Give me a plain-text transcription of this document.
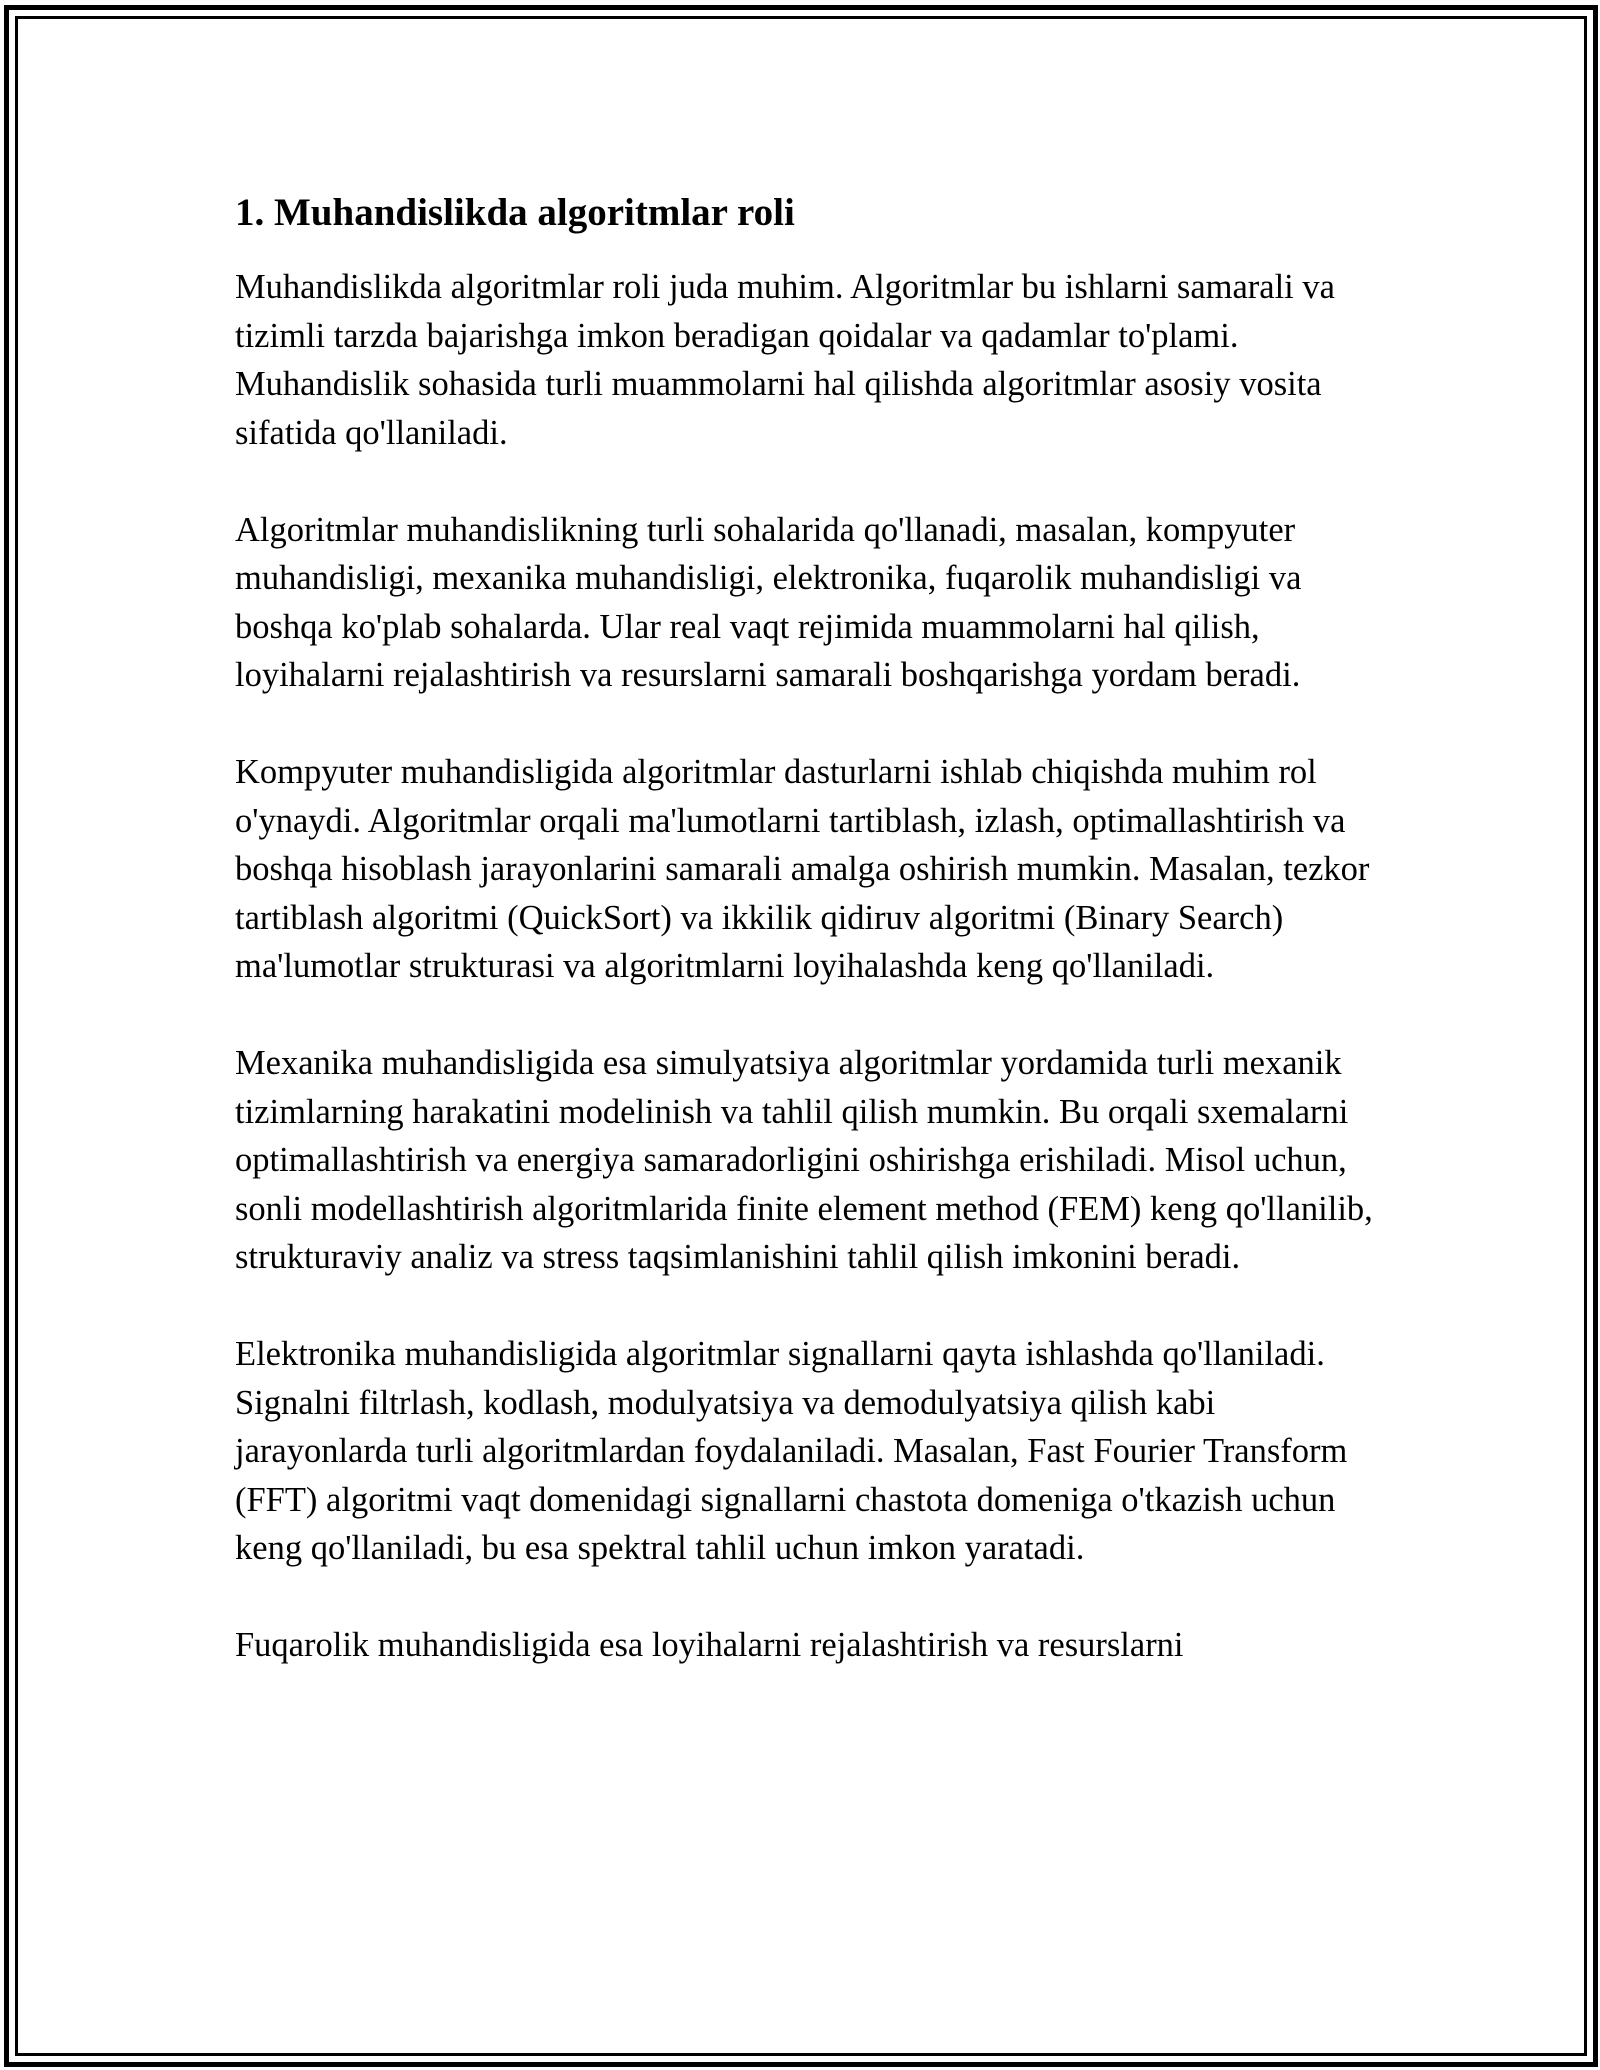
1. Muhandislikda algoritmlar roli

Muhandislikda algoritmlar roli juda muhim. Algoritmlar bu ishlarni samarali va tizimli tarzda bajarishga imkon beradigan qoidalar va qadamlar to'plami. Muhandislik sohasida turli muammolarni hal qilishda algoritmlar asosiy vosita sifatida qo'llaniladi.

Algoritmlar muhandislikning turli sohalarida qo'llanadi, masalan, kompyuter muhandisligi, mexanika muhandisligi, elektronika, fuqarolik muhandisligi va boshqa ko'plab sohalarda. Ular real vaqt rejimida muammolarni hal qilish, loyihalarni rejalashtirish va resurslarni samarali boshqarishga yordam beradi.

Kompyuter muhandisligida algoritmlar dasturlarni ishlab chiqishda muhim rol o'ynaydi. Algoritmlar orqali ma'lumotlarni tartiblash, izlash, optimallashtirish va boshqa hisoblash jarayonlarini samarali amalga oshirish mumkin. Masalan, tezkor tartiblash algoritmi (QuickSort) va ikkilik qidiruv algoritmi (Binary Search) ma'lumotlar strukturasi va algoritmlarni loyihalashda keng qo'llaniladi.

Mexanika muhandisligida esa simulyatsiya algoritmlar yordamida turli mexanik tizimlarning harakatini modelinish va tahlil qilish mumkin. Bu orqali sxemalarni optimallashtirish va energiya samaradorligini oshirishga erishiladi. Misol uchun, sonli modellashtirish algoritmlarida finite element method (FEM) keng qo'llanilib, strukturaviy analiz va stress taqsimlanishini tahlil qilish imkonini beradi.

Elektronika muhandisligida algoritmlar signallarni qayta ishlashda qo'llaniladi. Signalni filtrlash, kodlash, modulyatsiya va demodulyatsiya qilish kabi jarayonlarda turli algoritmlardan foydalaniladi. Masalan, Fast Fourier Transform (FFT) algoritmi vaqt domenidagi signallarni chastota domeniga o'tkazish uchun keng qo'llaniladi, bu esa spektral tahlil uchun imkon yaratadi.

Fuqarolik muhandisligida esa loyihalarni rejalashtirish va resurslarni
